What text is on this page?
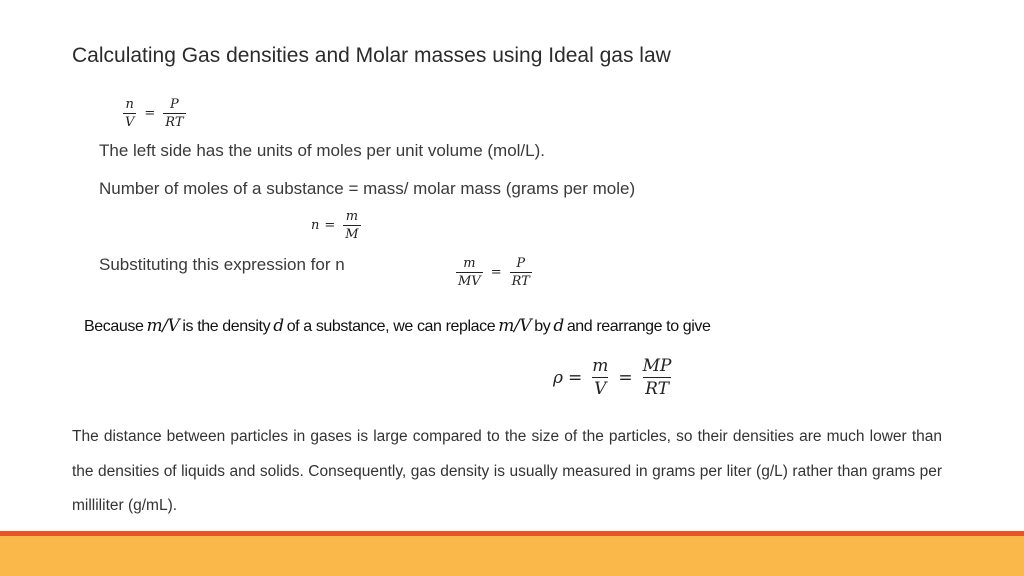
Calculating Gas densities and Molar masses using Ideal gas law
$\frac{n}{V} = \frac{P}{RT}$
The left side has the units of moles per unit volume (mol/L).
Number of moles of a substance = mass/ molar mass (grams per mole)
$n = \frac{m}{M}$
Substituting this expression for n	$\frac{m}{MV} = \frac{P}{RT}$
Because m/V is the density d of a substance, we can replace m/V by d and rearrange to give
$\rho = \frac{m}{V} = \frac{MP}{RT}$
The distance between particles in gases is large compared to the size of the particles, so their densities are much lower than the densities of liquids and solids. Consequently, gas density is usually measured in grams per liter (g/L) rather than grams per milliliter (g/mL).
